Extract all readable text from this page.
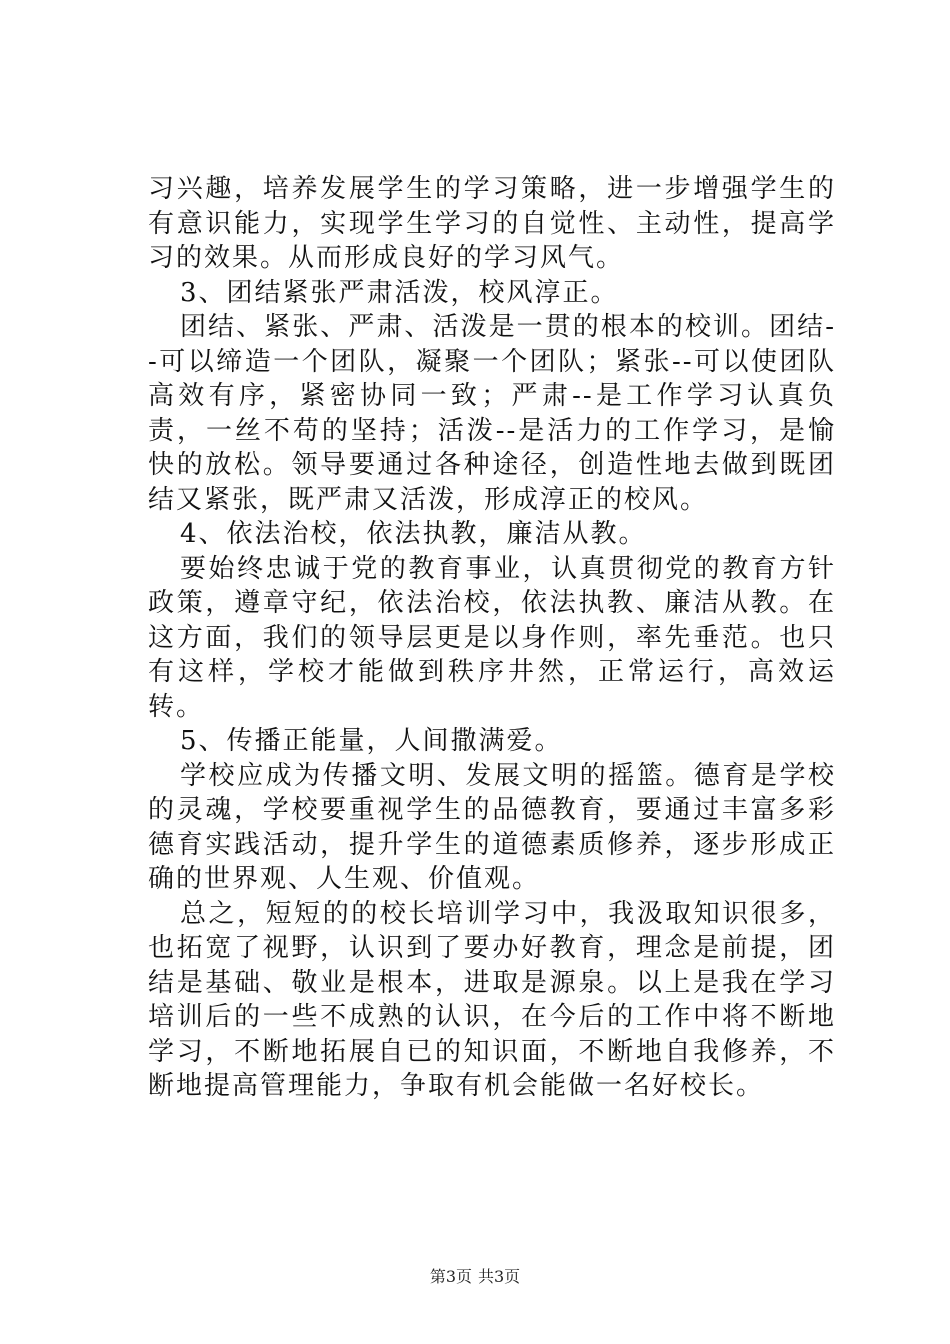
习兴趣，培养发展学生的学习策略，进一步增强学生的有意识能力，实现学生学习的自觉性、主动性，提高学习的效果。从而形成良好的学习风气。

3、团结紧张严肃活泼，校风淳正。

团结、紧张、严肃、活泼是一贯的根本的校训。团结--可以缔造一个团队，凝聚一个团队；紧张--可以使团队高效有序，紧密协同一致；严肃--是工作学习认真负责，一丝不苟的坚持；活泼--是活力的工作学习，是愉快的放松。领导要通过各种途径，创造性地去做到既团结又紧张，既严肃又活泼，形成淳正的校风。

4、依法治校，依法执教，廉洁从教。

要始终忠诚于党的教育事业，认真贯彻党的教育方针政策，遵章守纪，依法治校，依法执教、廉洁从教。在这方面，我们的领导层更是以身作则，率先垂范。也只有这样，学校才能做到秩序井然，正常运行，高效运转。

5、传播正能量，人间撒满爱。

学校应成为传播文明、发展文明的摇篮。德育是学校的灵魂，学校要重视学生的品德教育，要通过丰富多彩德育实践活动，提升学生的道德素质修养，逐步形成正确的世界观、人生观、价值观。

总之，短短的的校长培训学习中，我汲取知识很多，也拓宽了视野，认识到了要办好教育，理念是前提，团结是基础、敬业是根本，进取是源泉。以上是我在学习培训后的一些不成熟的认识，在今后的工作中将不断地学习，不断地拓展自已的知识面，不断地自我修养，不断地提高管理能力，争取有机会能做一名好校长。

第3页 共3页
